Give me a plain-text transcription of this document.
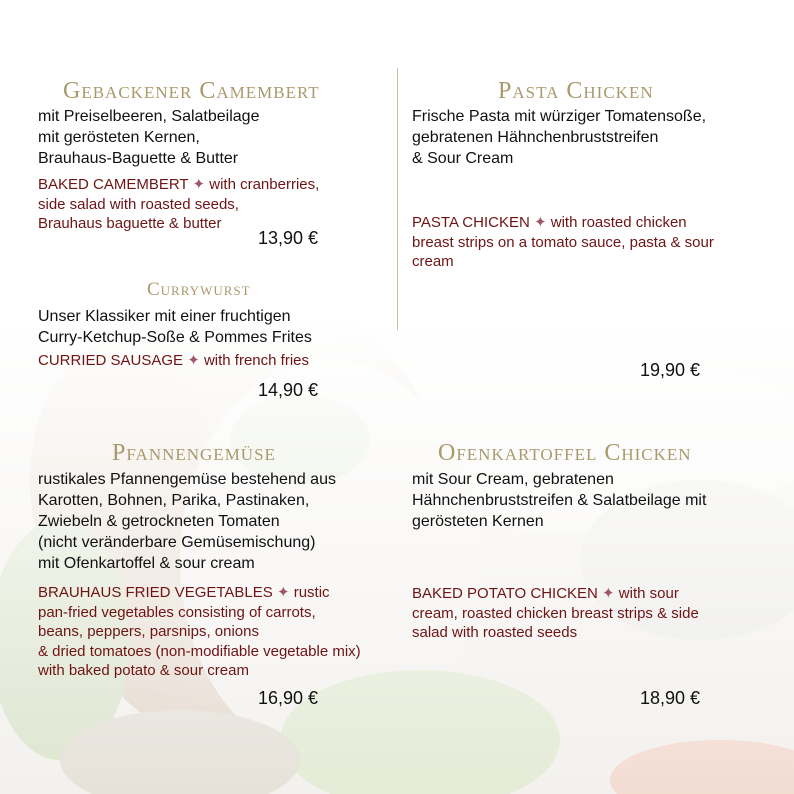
Gebackener Camembert
mit Preiselbeeren, Salatbeilage
mit gerösteten Kernen,
Brauhaus-Baguette & Butter
BAKED CAMEMBERT ✦ with cranberries,
side salad with roasted seeds,
Brauhaus baguette & butter
13,90 €
Currywurst
Unser Klassiker mit einer fruchtigen
Curry-Ketchup-Soße & Pommes Frites
CURRIED SAUSAGE ✦ with french fries
14,90 €
Pasta Chicken
Frische Pasta mit würziger Tomatensoße,
gebratenen Hähnchenbruststreifen
& Sour Cream
PASTA CHICKEN ✦ with roasted chicken
breast strips on a tomato sauce, pasta & sour
cream
19,90 €
Pfannengemüse
rustikales Pfannengemüse bestehend aus
Karotten, Bohnen, Parika, Pastinaken,
Zwiebeln & getrockneten Tomaten
(nicht veränderbare Gemüsemischung)
mit Ofenkartoffel & sour cream
BRAUHAUS FRIED VEGETABLES ✦ rustic
pan-fried vegetables consisting of carrots,
beans, peppers, parsnips, onions
& dried tomatoes (non-modifiable vegetable mix)
with baked potato & sour cream
16,90 €
Ofenkartoffel Chicken
mit Sour Cream, gebratenen
Hähnchenbruststreifen & Salatbeilage mit
gerösteten Kernen
BAKED POTATO CHICKEN ✦ with sour
cream, roasted chicken breast strips & side
salad with roasted seeds
18,90 €
